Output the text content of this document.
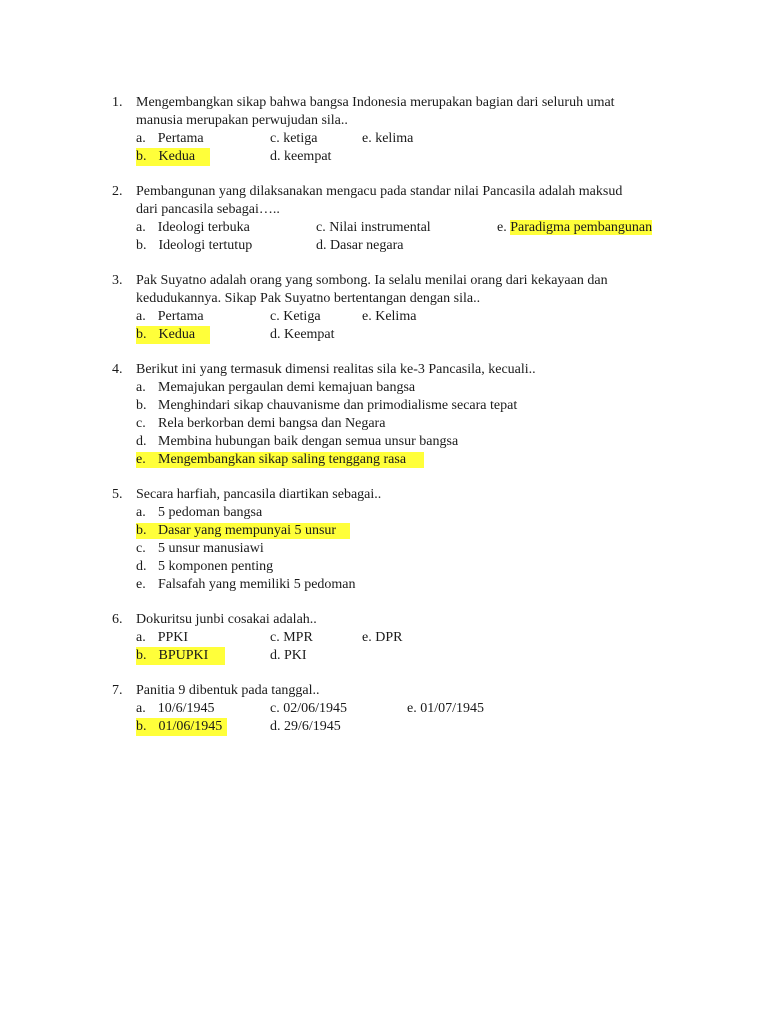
1. Mengembangkan sikap bahwa bangsa Indonesia merupakan bagian dari seluruh umat
manusia merupakan perwujudan sila..
a. Pertama	c. ketiga	e. kelima
b. Kedua	d. keempat
2. Pembangunan yang dilaksanakan mengacu pada standar nilai Pancasila adalah maksud
dari pancasila sebagai…..
a. Ideologi terbuka	c. Nilai instrumental	e. Paradigma pembangunan
b. Ideologi tertutup	d. Dasar negara
3. Pak Suyatno adalah orang yang sombong. Ia selalu menilai orang dari kekayaan dan
kedudukannya. Sikap Pak Suyatno bertentangan dengan sila..
a. Pertama	c. Ketiga	e. Kelima
b. Kedua	d. Keempat
4. Berikut ini yang termasuk dimensi realitas sila ke-3 Pancasila, kecuali..
a. Memajukan pergaulan demi kemajuan bangsa
b. Menghindari sikap chauvanisme dan primodialisme secara tepat
c. Rela berkorban demi bangsa dan Negara
d. Membina hubungan baik dengan semua unsur bangsa
e. Mengembangkan sikap saling tenggang rasa
5. Secara harfiah, pancasila diartikan sebagai..
a. 5 pedoman bangsa
b. Dasar yang mempunyai 5 unsur
c. 5 unsur manusiawi
d. 5 komponen penting
e. Falsafah yang memiliki 5 pedoman
6. Dokuritsu junbi cosakai adalah..
a. PPKI	c. MPR	e. DPR
b. BPUPKI	d. PKI
7. Panitia 9 dibentuk pada tanggal..
a. 10/6/1945	c. 02/06/1945	e. 01/07/1945
b. 01/06/1945	d. 29/6/1945
